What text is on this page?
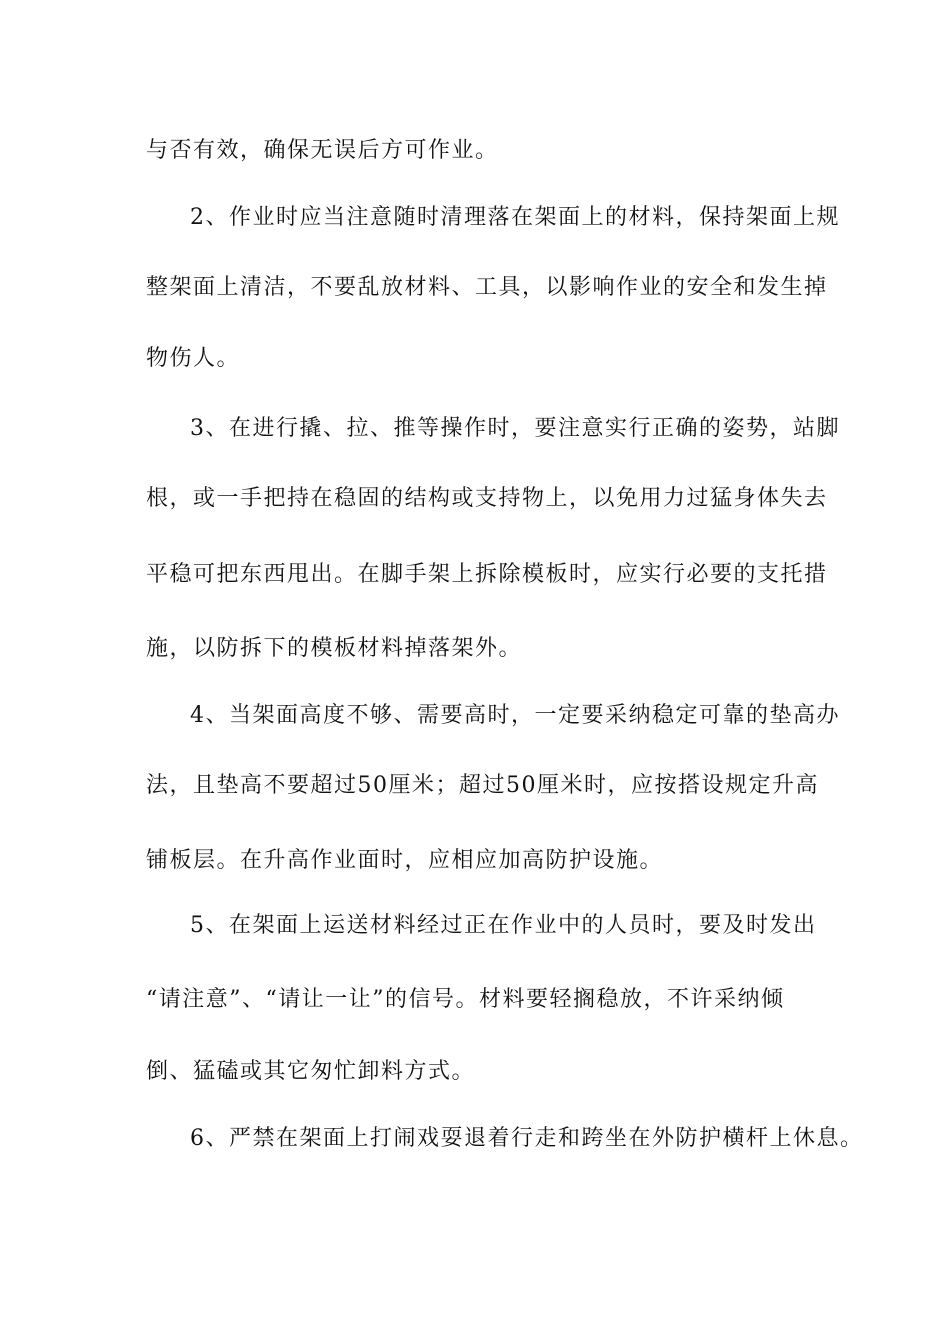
与否有效，确保无误后方可作业。
2、作业时应当注意随时清理落在架面上的材料，保持架面上规
整架面上清洁，不要乱放材料、工具，以影响作业的安全和发生掉
物伤人。
3、在进行撬、拉、推等操作时，要注意实行正确的姿势，站脚
根，或一手把持在稳固的结构或支持物上，以免用力过猛身体失去
平稳可把东西甩出。在脚手架上拆除模板时，应实行必要的支托措
施，以防拆下的模板材料掉落架外。
4、当架面高度不够、需要高时，一定要采纳稳定可靠的垫高办
法，且垫高不要超过50厘米；超过50厘米时，应按搭设规定升高
铺板层。在升高作业面时，应相应加高防护设施。
5、在架面上运送材料经过正在作业中的人员时，要及时发出
“请注意”、“请让一让”的信号。材料要轻搁稳放，不许采纳倾
倒、猛磕或其它匆忙卸料方式。
6、严禁在架面上打闹戏耍退着行走和跨坐在外防护横杆上休息。
